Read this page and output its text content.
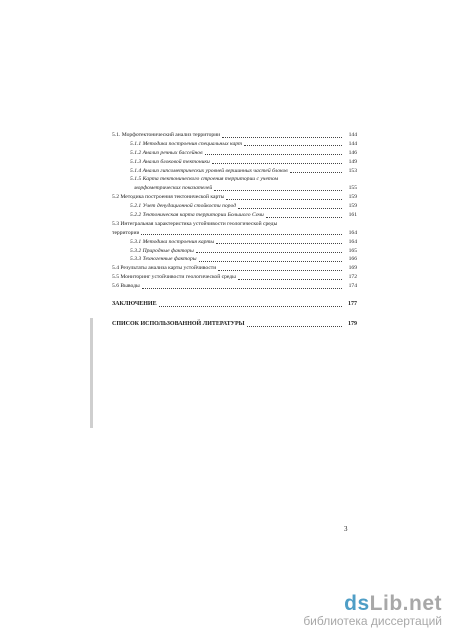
5.1. Морфотектонический анализ территории	144
5.1.1 Методика построения специальных карт	144
5.1.2 Анализ речных бассейнов	146
5.1.3 Анализ блоковой тектоники	149
5.1.4 Анализ гипсометрических уровней вершинных частей блоков	153
5.1.5 Карта тектонического строения территории с учетом
морфометрических показателей	155
5.2 Методика построения тектонической карты	159
5.2.1 Учет денудационной стойкости пород	159
5.2.2 Тектоническая карта территории Большого Сочи	161
5.3 Интегральная характеристика устойчивости геологической среды
территории	164
5.3.1 Методика построения карты	164
5.3.2 Природные факторы	165
5.3.3 Техногенные факторы	166
5.4 Результаты анализа карты устойчивости	169
5.5 Мониторинг устойчивости геологической среды	172
5.6 Выводы	174
ЗАКЛЮЧЕНИЕ	177
СПИСОК ИСПОЛЬЗОВАННОЙ ЛИТЕРАТУРЫ	179
3
dsLib.net
библиотека диссертаций
